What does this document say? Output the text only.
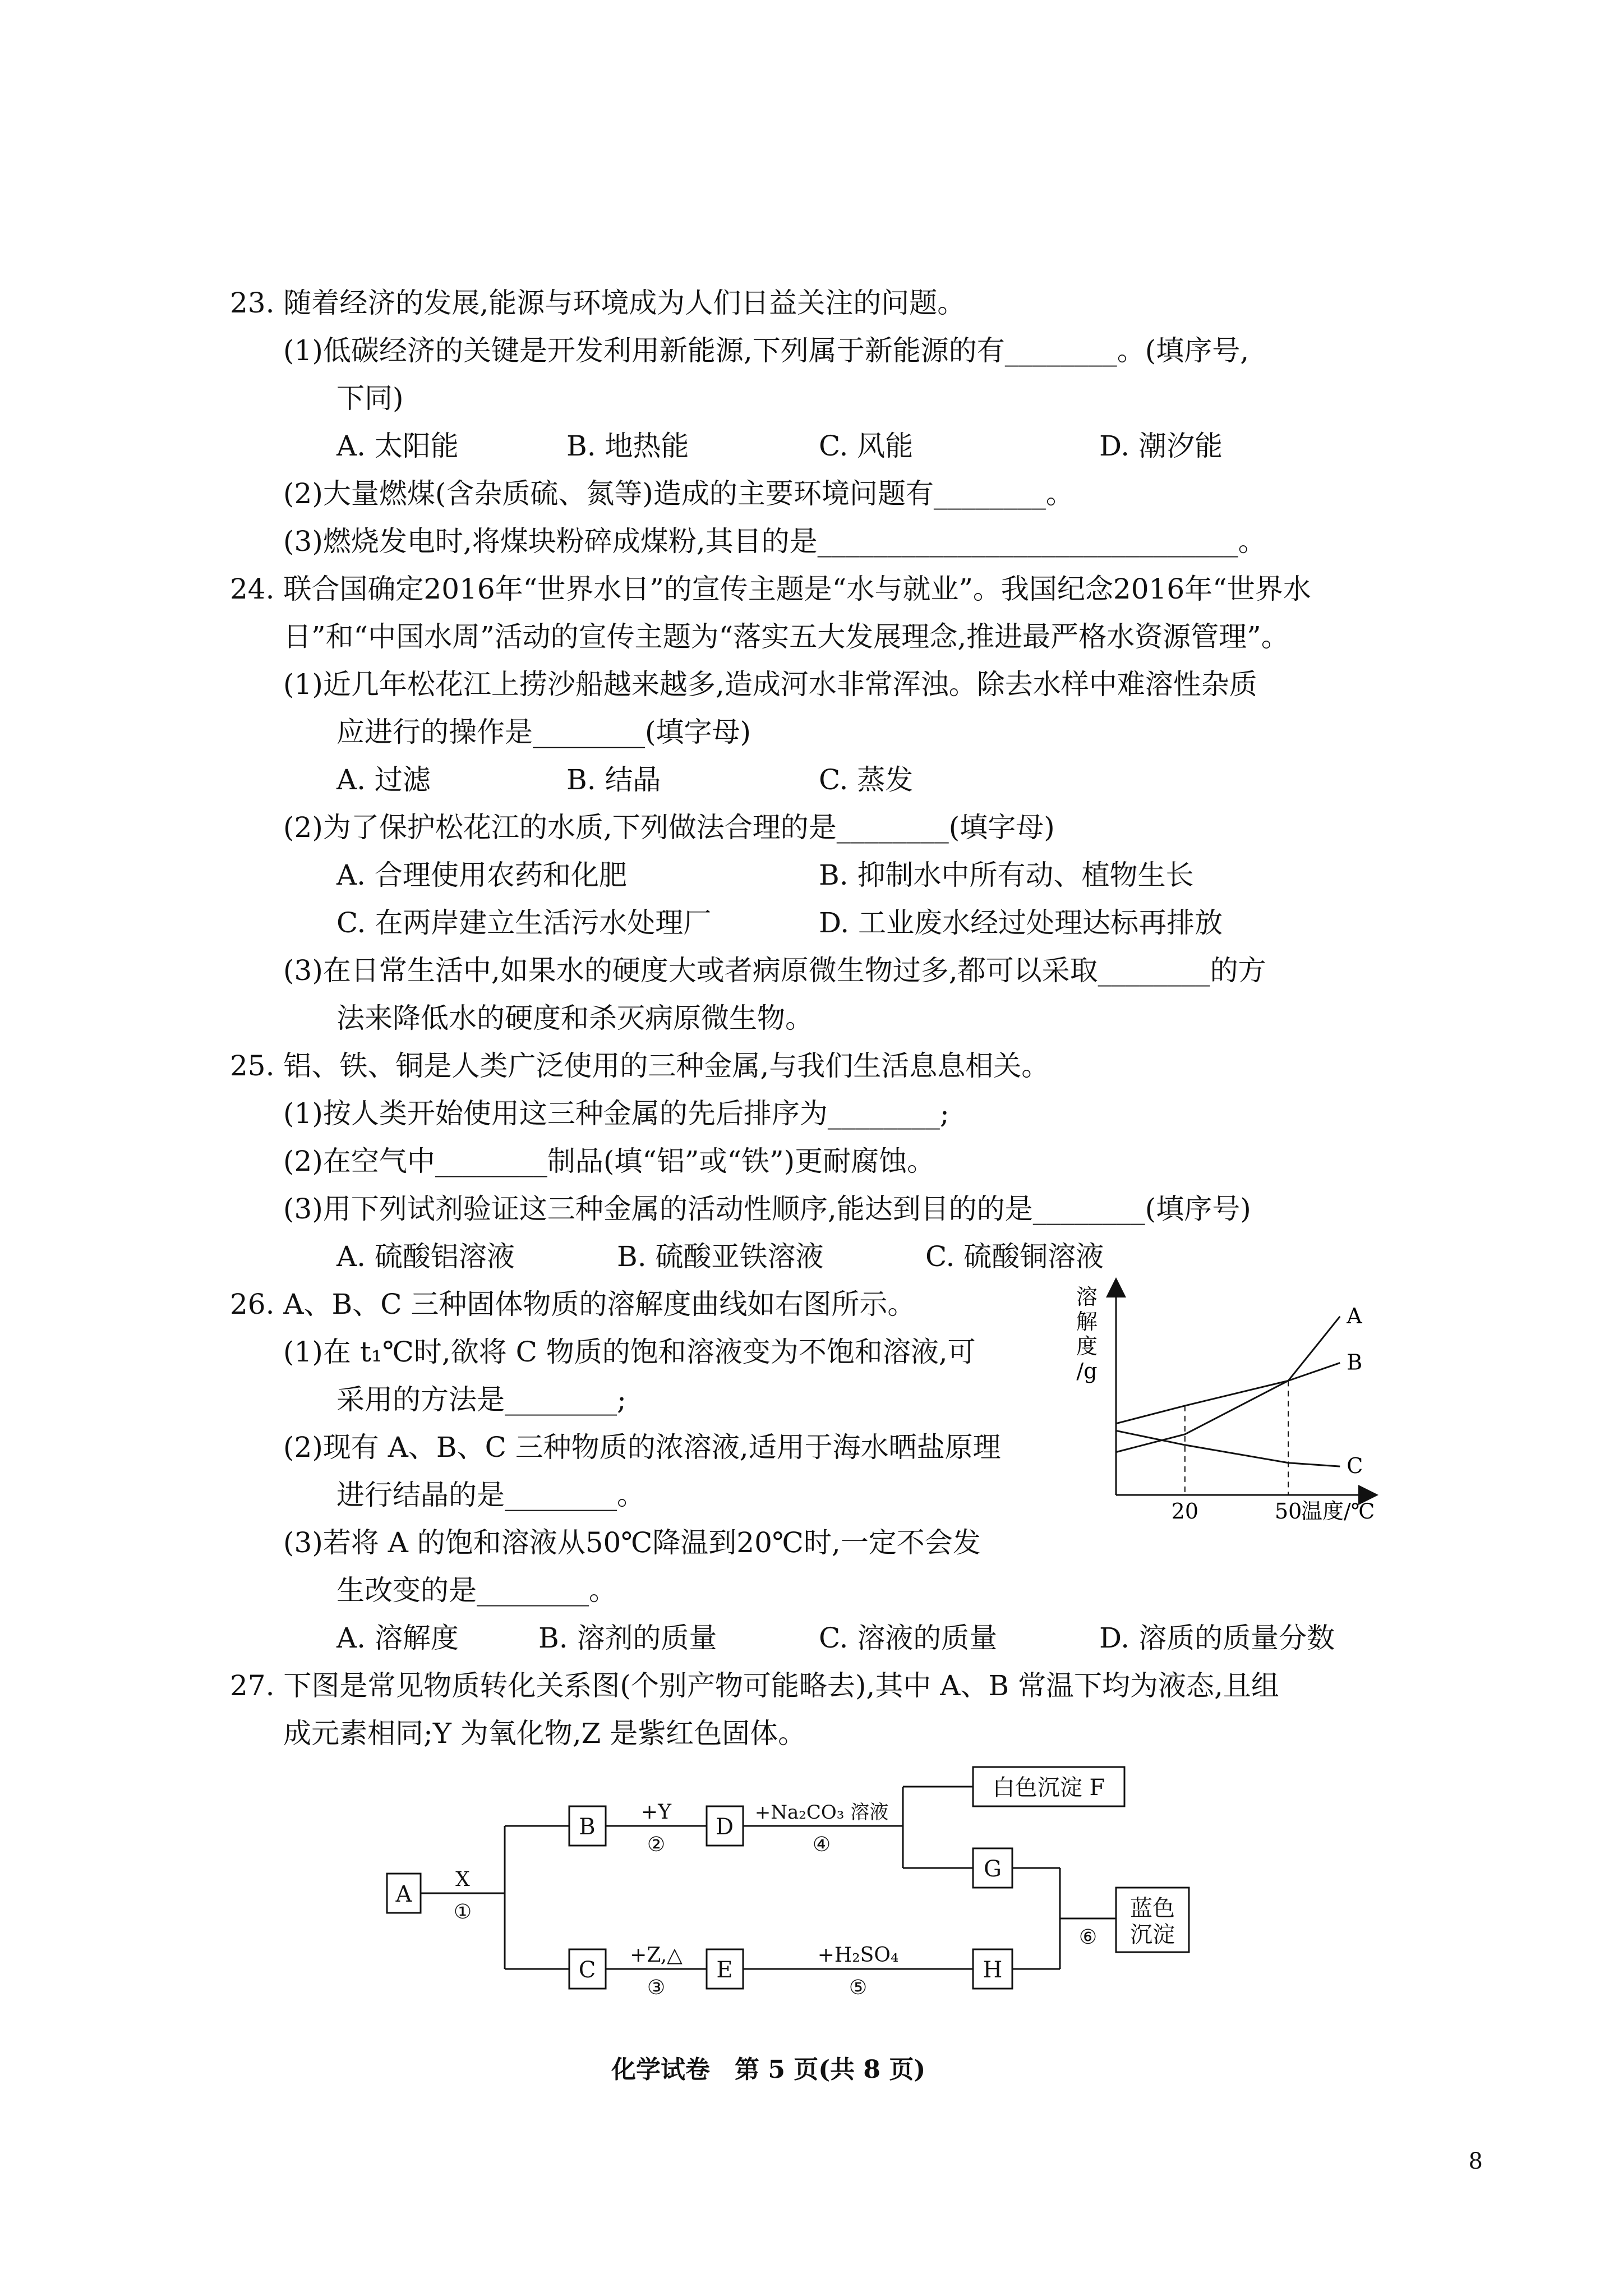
23. 随着经济的发展,能源与环境成为人们日益关注的问题。
(1)低碳经济的关键是开发利用新能源,下列属于新能源的有________。(填序号,
下同)
A. 太阳能	B. 地热能	C. 风能	D. 潮汐能
(2)大量燃煤(含杂质硫、氮等)造成的主要环境问题有________。
(3)燃烧发电时,将煤块粉碎成煤粉,其目的是______________________________。
24. 联合国确定2016年“世界水日”的宣传主题是“水与就业”。我国纪念2016年“世界水
日”和“中国水周”活动的宣传主题为“落实五大发展理念,推进最严格水资源管理”。
(1)近几年松花江上捞沙船越来越多,造成河水非常浑浊。除去水样中难溶性杂质
应进行的操作是________(填字母)
A. 过滤	B. 结晶	C. 蒸发
(2)为了保护松花江的水质,下列做法合理的是________(填字母)
A. 合理使用农药和化肥	B. 抑制水中所有动、植物生长
C. 在两岸建立生活污水处理厂	D. 工业废水经过处理达标再排放
(3)在日常生活中,如果水的硬度大或者病原微生物过多,都可以采取________的方
法来降低水的硬度和杀灭病原微生物。
25. 铝、铁、铜是人类广泛使用的三种金属,与我们生活息息相关。
(1)按人类开始使用这三种金属的先后排序为________;
(2)在空气中________制品(填“铝”或“铁”)更耐腐蚀。
(3)用下列试剂验证这三种金属的活动性顺序,能达到目的的是________(填序号)
A. 硫酸铝溶液	B. 硫酸亚铁溶液	C. 硫酸铜溶液
26. A、B、C 三种固体物质的溶解度曲线如右图所示。
(1)在 t₁℃时,欲将 C 物质的饱和溶液变为不饱和溶液,可
采用的方法是________;
(2)现有 A、B、C 三种物质的浓溶液,适用于海水晒盐原理
进行结晶的是________。
(3)若将 A 的饱和溶液从50℃降温到20℃时,一定不会发
生改变的是________。
A. 溶解度	B. 溶剂的质量	C. 溶液的质量	D. 溶质的质量分数
溶
解
度
/g
A
B
C
20	50
温度/℃
27. 下图是常见物质转化关系图(个别产物可能略去),其中 A、B 常温下均为液态,且组
成元素相同;Y 为氧化物,Z 是紫红色固体。
A
B
C
D
E
白色沉淀 F
G
H
蓝色
沉淀
X
①
+Y
②
+Z,△
③
+Na₂CO₃ 溶液
④
+H₂SO₄
⑤
⑥
化学试卷　第 5 页(共 8 页)
8
